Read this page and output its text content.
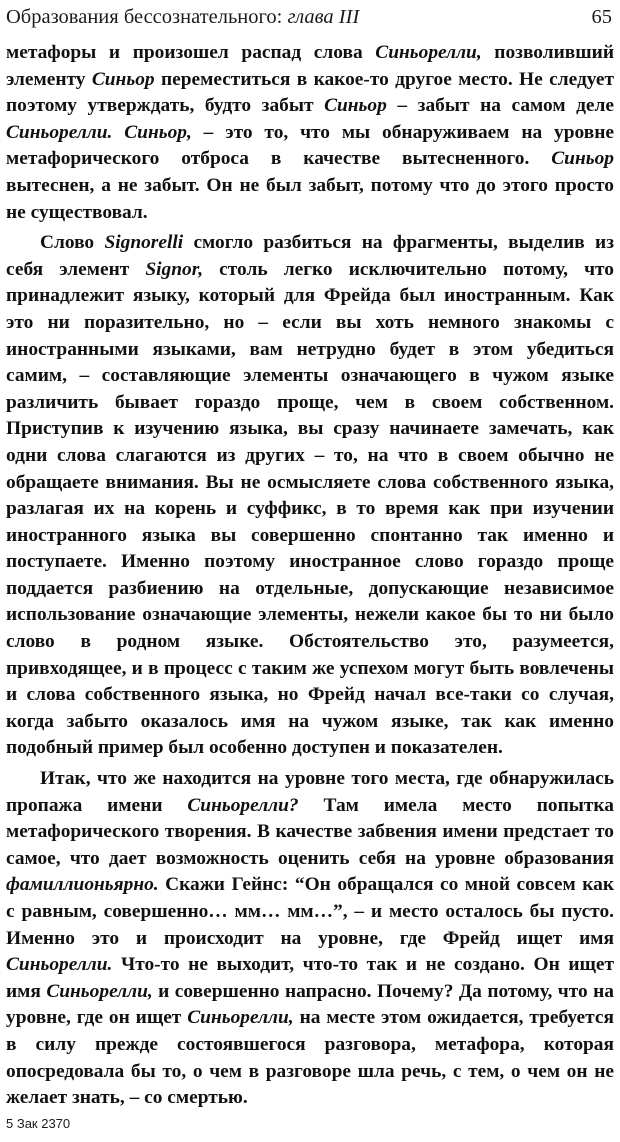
Образования бессознательного: глава III	65

метафоры и произошел распад слова Синьорелли, позволивший элементу Синьор переместиться в какое-то другое место. Не следует поэтому утверждать, будто забыт Синьор – забыт на самом деле Синьорелли. Синьор, – это то, что мы обнаруживаем на уровне метафорического отброса в качестве вытесненного. Синьор вытеснен, а не забыт. Он не был забыт, потому что до этого просто не существовал.

Слово Signorelli смогло разбиться на фрагменты, выделив из себя элемент Signor, столь легко исключительно потому, что принадлежит языку, который для Фрейда был иностранным. Как это ни поразительно, но – если вы хоть немного знакомы с иностранными языками, вам нетрудно будет в этом убедиться самим, – составляющие элементы означающего в чужом языке различить бывает гораздо проще, чем в своем собственном. Приступив к изучению языка, вы сразу начинаете замечать, как одни слова слагаются из других – то, на что в своем обычно не обращаете внимания. Вы не осмысляете слова собственного языка, разлагая их на корень и суффикс, в то время как при изучении иностранного языка вы совершенно спонтанно так именно и поступаете. Именно поэтому иностранное слово гораздо проще поддается разбиению на отдельные, допускающие независимое использование означающие элементы, нежели какое бы то ни было слово в родном языке. Обстоятельство это, разумеется, привходящее, и в процесс с таким же успехом могут быть вовлечены и слова собственного языка, но Фрейд начал все-таки со случая, когда забыто оказалось имя на чужом языке, так как именно подобный пример был особенно доступен и показателен.

Итак, что же находится на уровне того места, где обнаружилась пропажа имени Синьорелли? Там имела место попытка метафорического творения. В качестве забвения имени предстает то самое, что дает возможность оценить себя на уровне образования фамиллионьярно. Скажи Гейнс: “Он обращался со мной совсем как с равным, совершенно… мм… мм…”, – и место осталось бы пусто. Именно это и происходит на уровне, где Фрейд ищет имя Синьорелли. Что-то не выходит, что-то так и не создано. Он ищет имя Синьорелли, и совершенно напрасно. Почему? Да потому, что на уровне, где он ищет Синьорелли, на месте этом ожидается, требуется в силу прежде состоявшегося разговора, метафора, которая опосредовала бы то, о чем в разговоре шла речь, с тем, о чем он не желает знать, – со смертью.

5 Зак 2370
